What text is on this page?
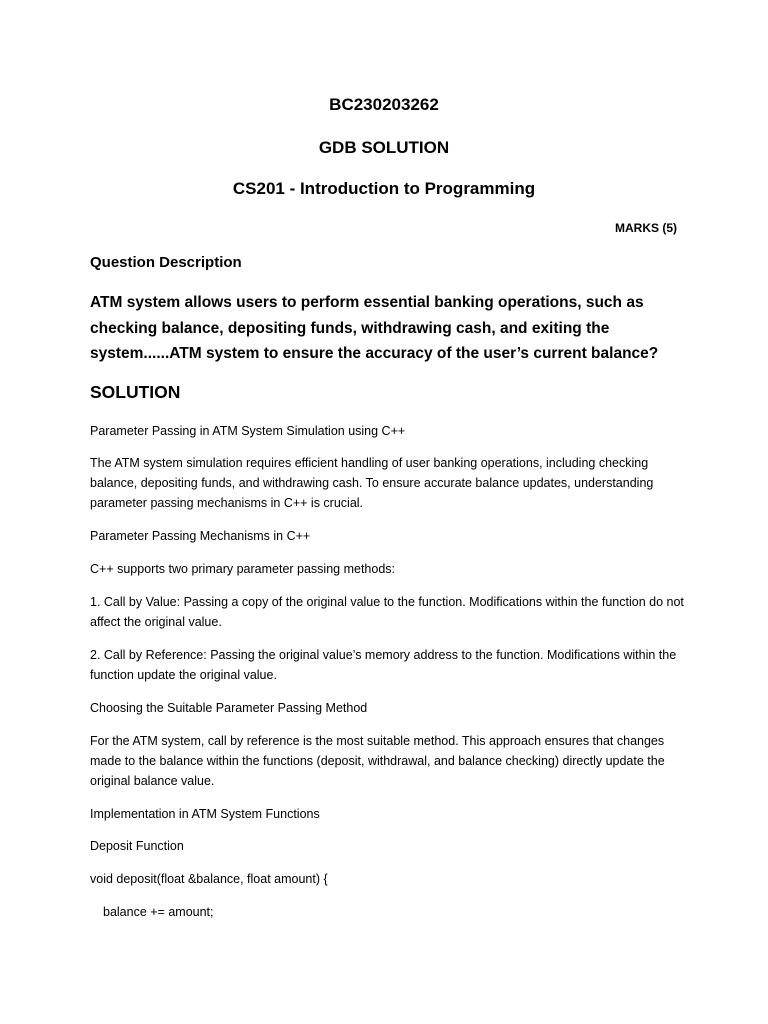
BC230203262

GDB SOLUTION

CS201 - Introduction to Programming

MARKS (5)

Question Description

ATM system allows users to perform essential banking operations, such as checking balance, depositing funds, withdrawing cash, and exiting the system......ATM system to ensure the accuracy of the user’s current balance?

SOLUTION

Parameter Passing in ATM System Simulation using C++

The ATM system simulation requires efficient handling of user banking operations, including checking balance, depositing funds, and withdrawing cash. To ensure accurate balance updates, understanding parameter passing mechanisms in C++ is crucial.

Parameter Passing Mechanisms in C++

C++ supports two primary parameter passing methods:

1. Call by Value: Passing a copy of the original value to the function. Modifications within the function do not affect the original value.

2. Call by Reference: Passing the original value’s memory address to the function. Modifications within the function update the original value.

Choosing the Suitable Parameter Passing Method

For the ATM system, call by reference is the most suitable method. This approach ensures that changes made to the balance within the functions (deposit, withdrawal, and balance checking) directly update the original balance value.

Implementation in ATM System Functions

Deposit Function

void deposit(float &balance, float amount) {

balance += amount;
